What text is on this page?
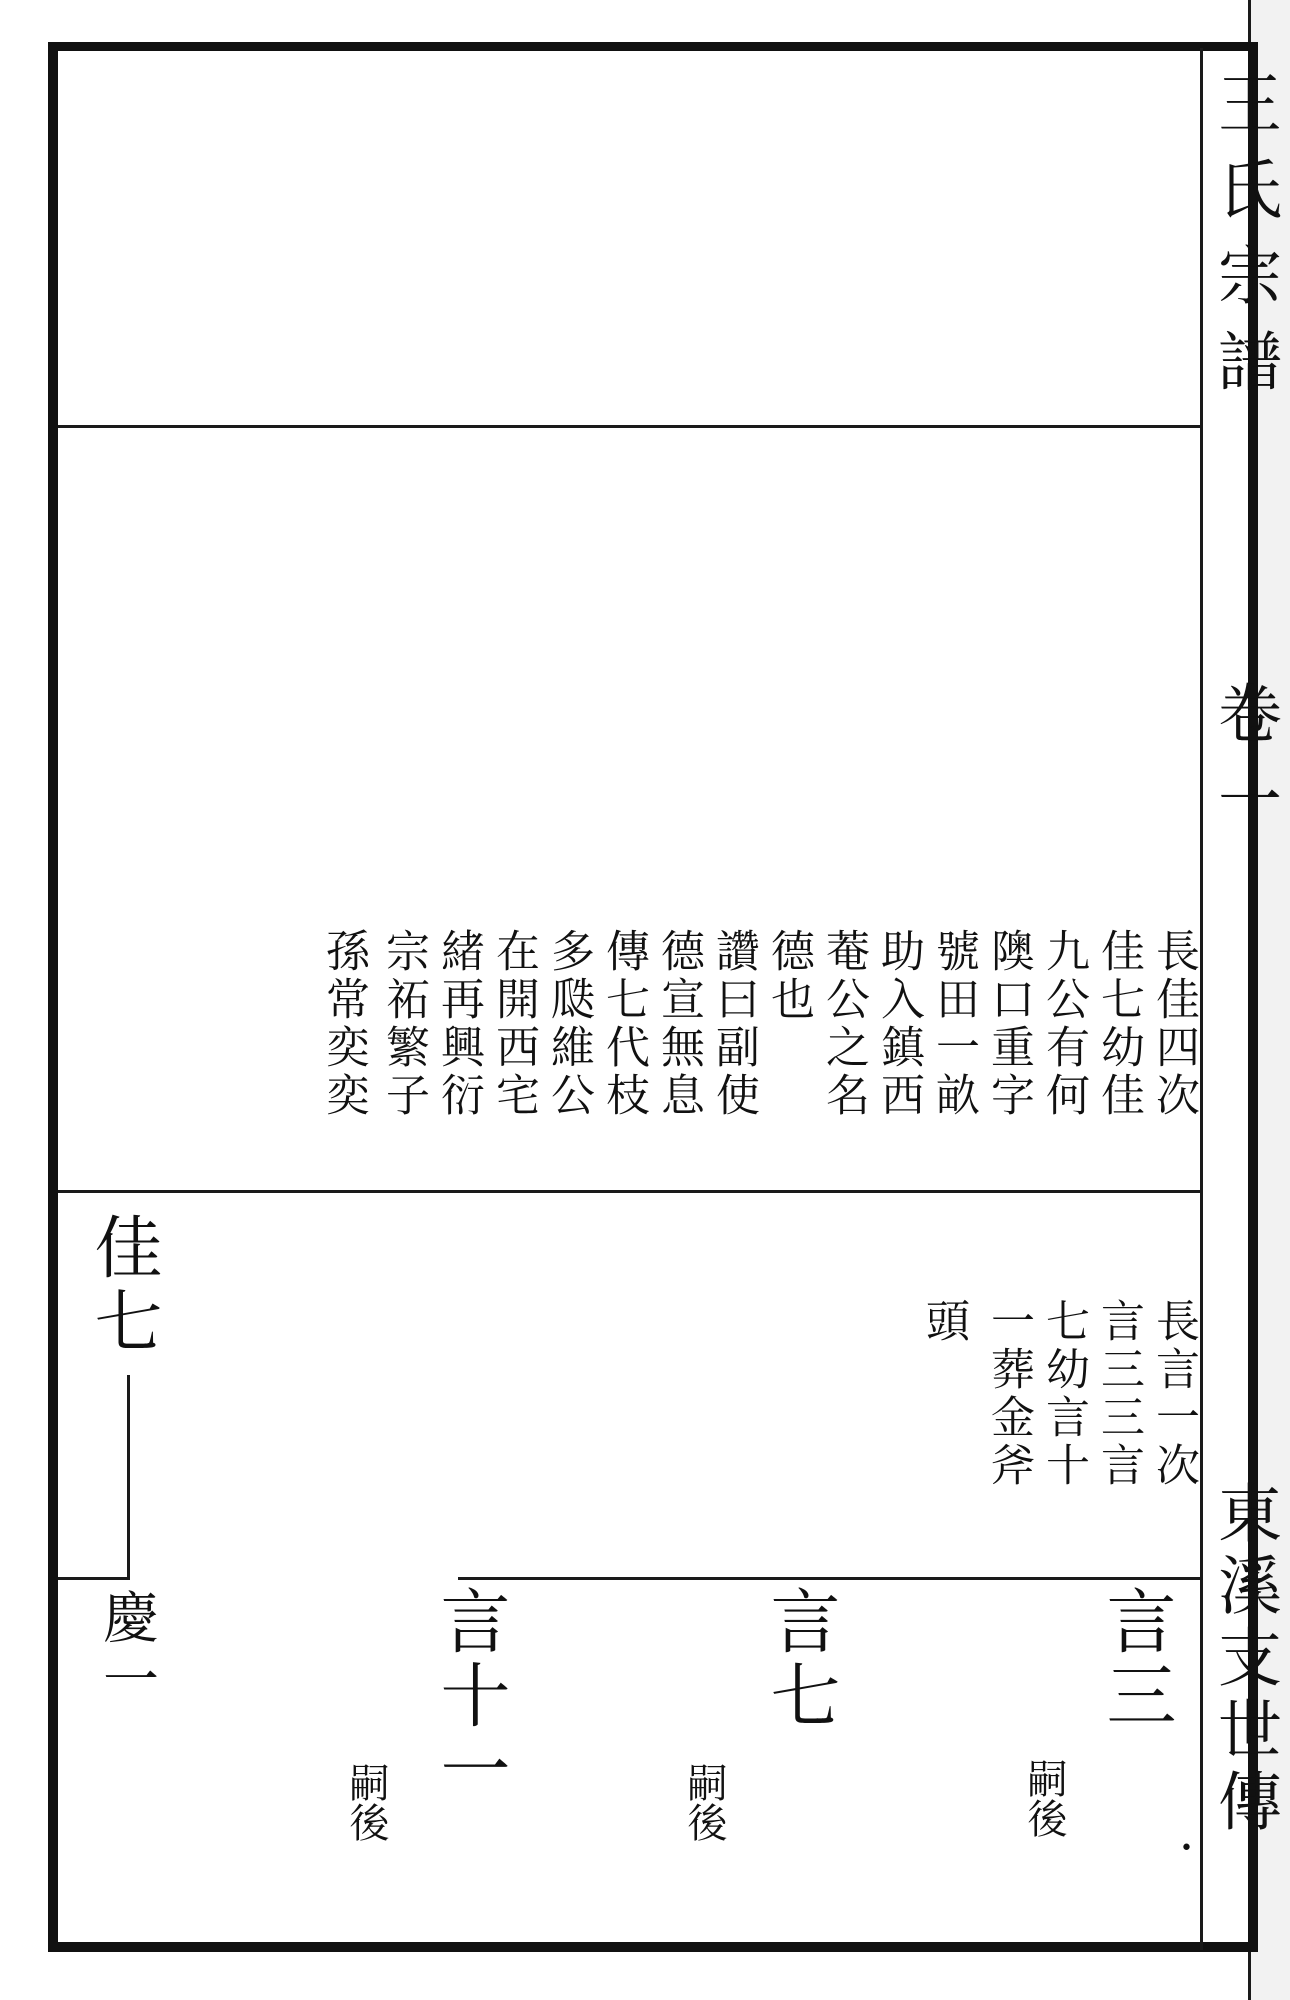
王氏宗譜
卷一
東溪支世傳
長佳四次
佳七幼佳
九公有何
隩口重字
號田一畝
助入鎮西
菴公之名
德也
讚曰副使
德宣無息
傳七代枝
多瓞維公
在開西宅
緒再興衍
宗祏繁子
孫常奕奕
佳七
長言一次
言三三言
七幼言十
一葬金斧
頭
慶一	言三
嗣後
言七
嗣後
言十一
嗣後
•
